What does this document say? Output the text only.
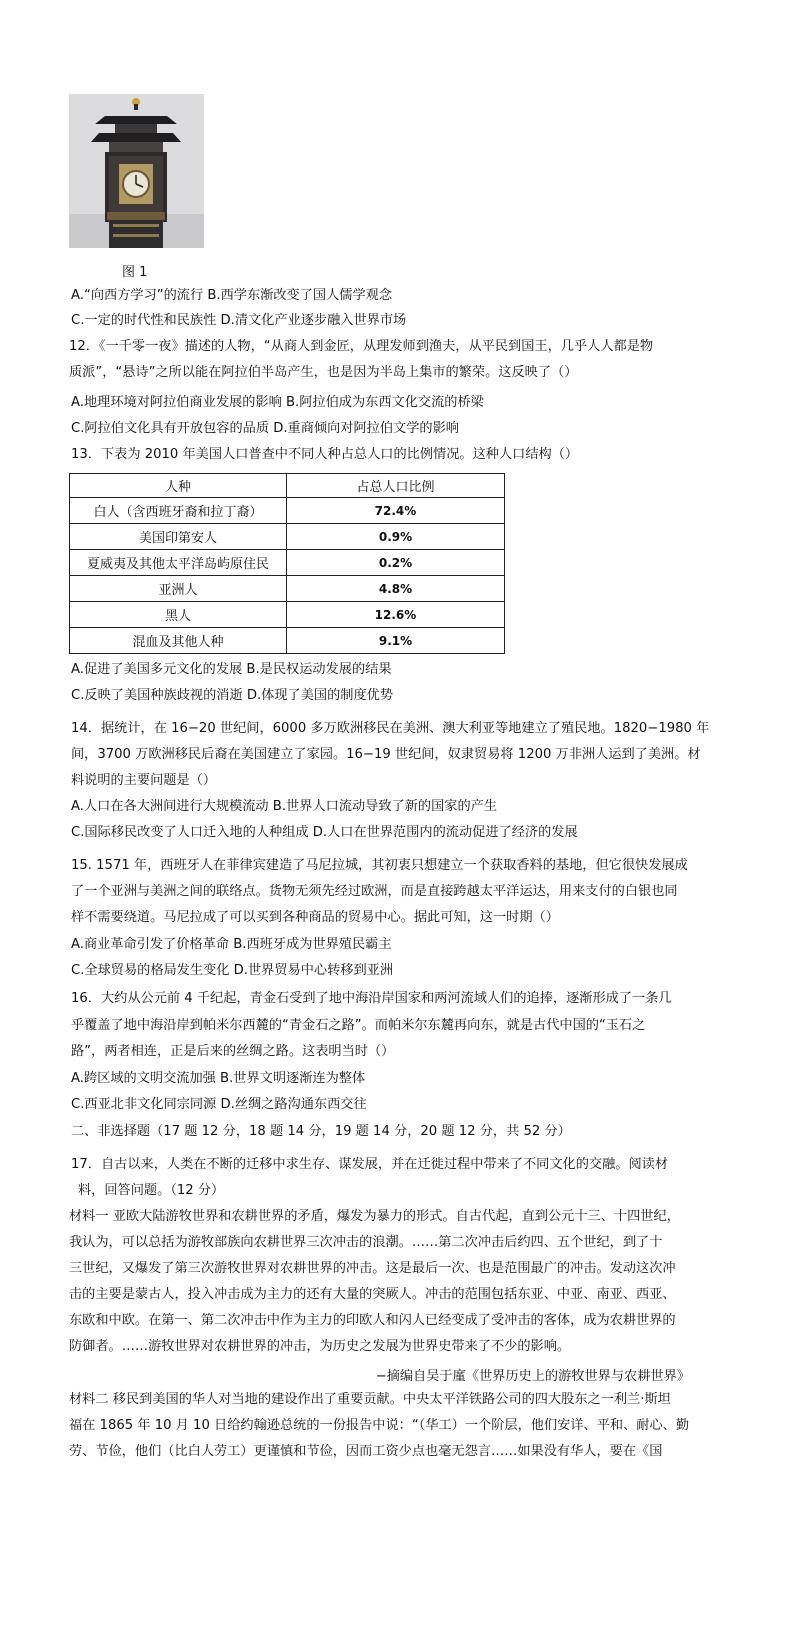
图 1
A.“向西方学习”的流行 B.西学东渐改变了国人儒学观念
C.一定的时代性和民族性 D.清文化产业逐步融入世界市场
12．《一千零一夜》描述的人物，“从商人到金匠，从理发师到渔夫，从平民到国王，几乎人人都是物
质派”，“悬诗”之所以能在阿拉伯半岛产生，也是因为半岛上集市的繁荣。这反映了（）
A.地理环境对阿拉伯商业发展的影响 B.阿拉伯成为东西文化交流的桥梁
C.阿拉伯文化具有开放包容的品质 D.重商倾向对阿拉伯文学的影响
13．下表为 2010 年美国人口普查中不同人种占总人口的比例情况。这种人口结构（）
人种	占总人口比例
白人（含西班牙裔和拉丁裔）	72.4%
美国印第安人	0.9%
夏威夷及其他太平洋岛屿原住民	0.2%
亚洲人	4.8%
黑人	12.6%
混血及其他人种	9.1%
A.促进了美国多元文化的发展 B.是民权运动发展的结果
C.反映了美国种族歧视的消逝 D.体现了美国的制度优势
14．据统计，在 16−20 世纪间，6000 多万欧洲移民在美洲、澳大利亚等地建立了殖民地。1820−1980 年
间，3700 万欧洲移民后裔在美国建立了家园。16−19 世纪间，奴隶贸易将 1200 万非洲人运到了美洲。材
料说明的主要问题是（）
A.人口在各大洲间进行大规模流动 B.世界人口流动导致了新的国家的产生
C.国际移民改变了人口迁入地的人种组成 D.人口在世界范围内的流动促进了经济的发展
15. 1571 年，西班牙人在菲律宾建造了马尼拉城，其初衷只想建立一个获取香料的基地，但它很快发展成
了一个亚洲与美洲之间的联络点。货物无须先经过欧洲，而是直接跨越太平洋运达，用来支付的白银也同
样不需要绕道。马尼拉成了可以买到各种商品的贸易中心。据此可知，这一时期（）
A.商业革命引发了价格革命 B.西班牙成为世界殖民霸主
C.全球贸易的格局发生变化 D.世界贸易中心转移到亚洲
16．大约从公元前 4 千纪起，青金石受到了地中海沿岸国家和两河流域人们的追捧，逐渐形成了一条几
乎覆盖了地中海沿岸到帕米尔西麓的“青金石之路”。而帕米尔东麓再向东，就是古代中国的“玉石之
路”，两者相连，正是后来的丝绸之路。这表明当时（）
A.跨区域的文明交流加强 B.世界文明逐渐连为整体
C.西亚北非文化同宗同源 D.丝绸之路沟通东西交往
二、非选择题（17 题 12 分，18 题 14 分，19 题 14 分，20 题 12 分，共 52 分）
17．自古以来，人类在不断的迁移中求生存、谋发展，并在迁徙过程中带来了不同文化的交融。阅读材
料，回答问题。（12 分）
材料一 亚欧大陆游牧世界和农耕世界的矛盾，爆发为暴力的形式。自古代起，直到公元十三、十四世纪，
我认为，可以总括为游牧部族向农耕世界三次冲击的浪潮。……第二次冲击后约四、五个世纪，到了十
三世纪，又爆发了第三次游牧世界对农耕世界的冲击。这是最后一次、也是范围最广的冲击。发动这次冲
击的主要是蒙古人，投入冲击成为主力的还有大量的突厥人。冲击的范围包括东亚、中亚、南亚、西亚、
东欧和中欧。在第一、第二次冲击中作为主力的印欧人和闪人已经变成了受冲击的客体，成为农耕世界的
防御者。……游牧世界对农耕世界的冲击，为历史之发展为世界史带来了不少的影响。
−摘编自吴于廑《世界历史上的游牧世界与农耕世界》
材料二 移民到美国的华人对当地的建设作出了重要贡献。中央太平洋铁路公司的四大股东之一利兰·斯坦
福在 1865 年 10 月 10 日给约翰逊总统的一份报告中说：“（华工）一个阶层，他们安详、平和、耐心、勤
劳、节俭，他们（比白人劳工）更谨慎和节俭，因而工资少点也毫无怨言……如果没有华人，要在《国
